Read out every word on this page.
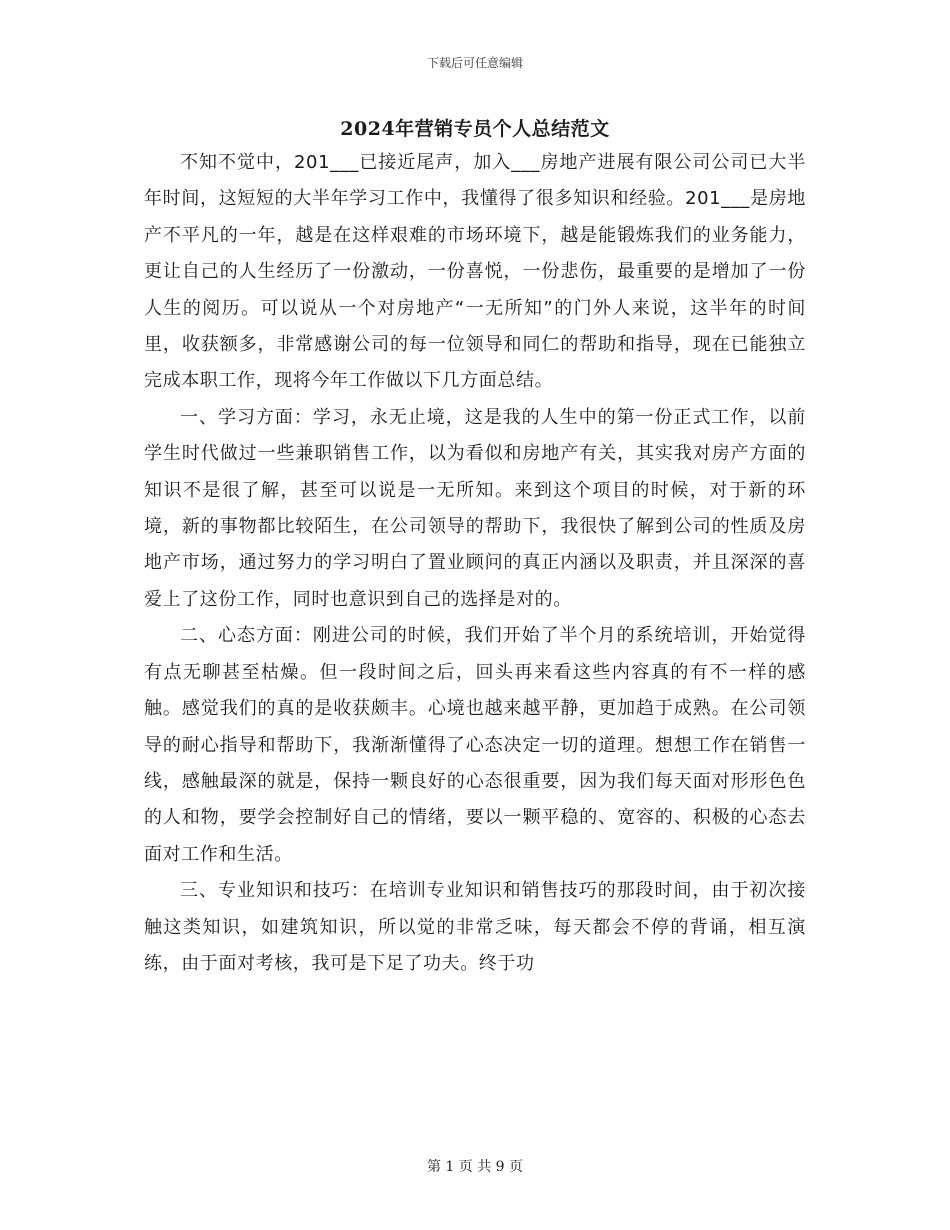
下载后可任意编辑
2024年营销专员个人总结范文

不知不觉中，201___已接近尾声，加入___房地产进展有限公司公司已大半年时间，这短短的大半年学习工作中，我懂得了很多知识和经验。201___是房地产不平凡的一年，越是在这样艰难的市场环境下，越是能锻炼我们的业务能力，更让自己的人生经历了一份激动，一份喜悦，一份悲伤，最重要的是增加了一份人生的阅历。可以说从一个对房地产“一无所知”的门外人来说，这半年的时间里，收获额多，非常感谢公司的每一位领导和同仁的帮助和指导，现在已能独立完成本职工作，现将今年工作做以下几方面总结。

一、学习方面：学习，永无止境，这是我的人生中的第一份正式工作，以前学生时代做过一些兼职销售工作，以为看似和房地产有关，其实我对房产方面的知识不是很了解，甚至可以说是一无所知。来到这个项目的时候，对于新的环境，新的事物都比较陌生，在公司领导的帮助下，我很快了解到公司的性质及房地产市场，通过努力的学习明白了置业顾问的真正内涵以及职责，并且深深的喜爱上了这份工作，同时也意识到自己的选择是对的。

二、心态方面：刚进公司的时候，我们开始了半个月的系统培训，开始觉得有点无聊甚至枯燥。但一段时间之后，回头再来看这些内容真的有不一样的感触。感觉我们的真的是收获颇丰。心境也越来越平静，更加趋于成熟。在公司领导的耐心指导和帮助下，我渐渐懂得了心态决定一切的道理。想想工作在销售一线，感触最深的就是，保持一颗良好的心态很重要，因为我们每天面对形形色色的人和物，要学会控制好自己的情绪，要以一颗平稳的、宽容的、积极的心态去面对工作和生活。

三、专业知识和技巧：在培训专业知识和销售技巧的那段时间，由于初次接触这类知识，如建筑知识，所以觉的非常乏味，每天都会不停的背诵，相互演练，由于面对考核，我可是下足了功夫。终于功

第 1 页 共 9 页
